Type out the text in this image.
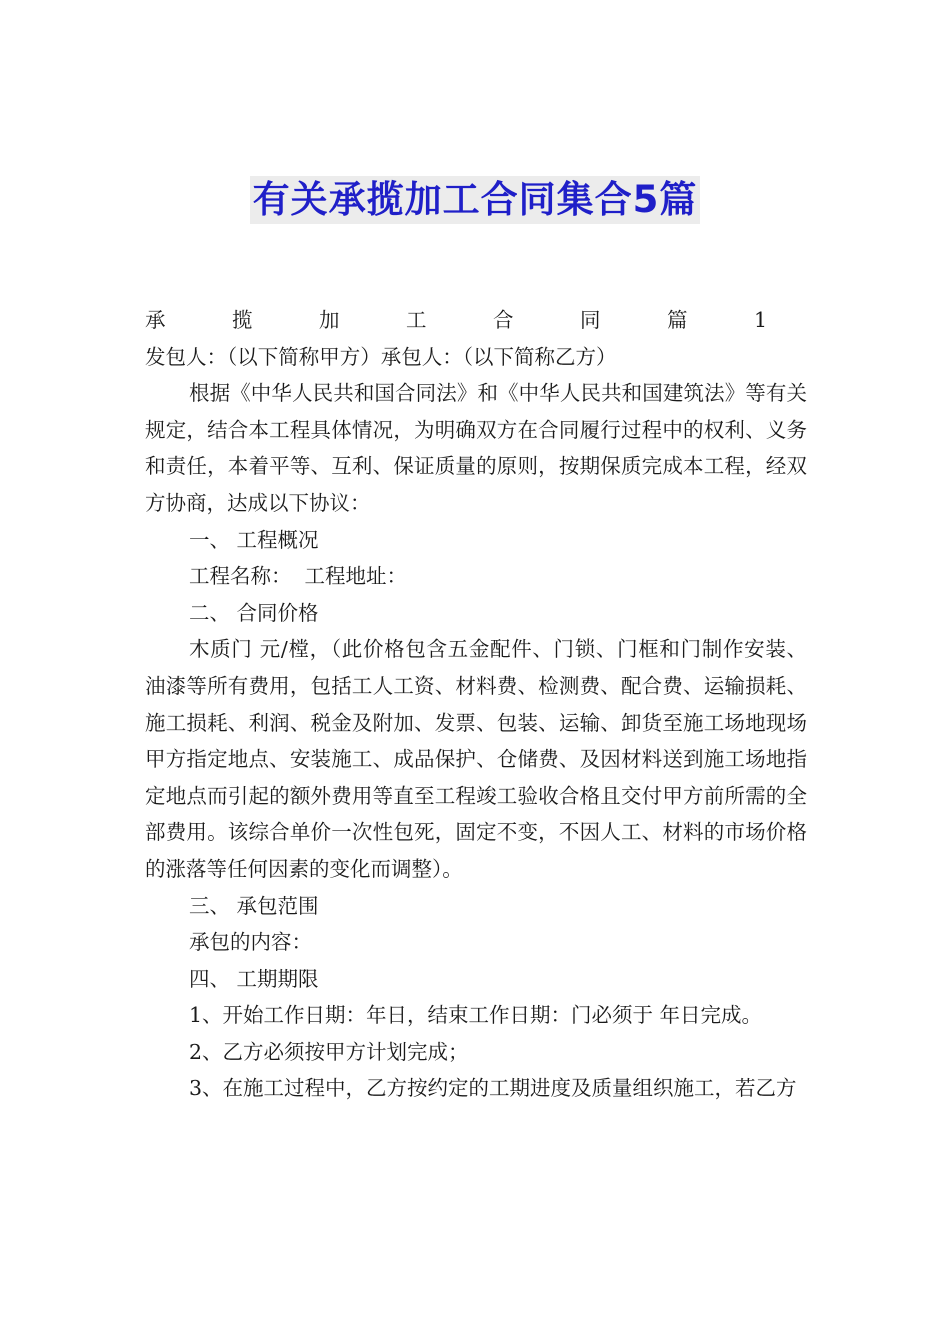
有关承揽加工合同集合5篇

承揽加工合同篇1发包人：（以下简称甲方）承包人：（以下简称乙方）

根据《中华人民共和国合同法》和《中华人民共和国建筑法》等有关规定，结合本工程具体情况，为明确双方在合同履行过程中的权利、义务和责任，本着平等、互利、保证质量的原则，按期保质完成本工程，经双方协商，达成以下协议：

一、 工程概况

工程名称：  工程地址：

二、 合同价格

木质门 元/樘，（此价格包含五金配件、门锁、门框和门制作安装、油漆等所有费用，包括工人工资、材料费、检测费、配合费、运输损耗、施工损耗、利润、税金及附加、发票、包装、运输、卸货至施工场地现场甲方指定地点、安装施工、成品保护、仓储费、及因材料送到施工场地指定地点而引起的额外费用等直至工程竣工验收合格且交付甲方前所需的全部费用。该综合单价一次性包死，固定不变，不因人工、材料的市场价格的涨落等任何因素的变化而调整）。

三、 承包范围

承包的内容：

四、 工期期限

1、开始工作日期：年日，结束工作日期：门必须于 年日完成。

2、乙方必须按甲方计划完成；

3、在施工过程中，乙方按约定的工期进度及质量组织施工，若乙方
